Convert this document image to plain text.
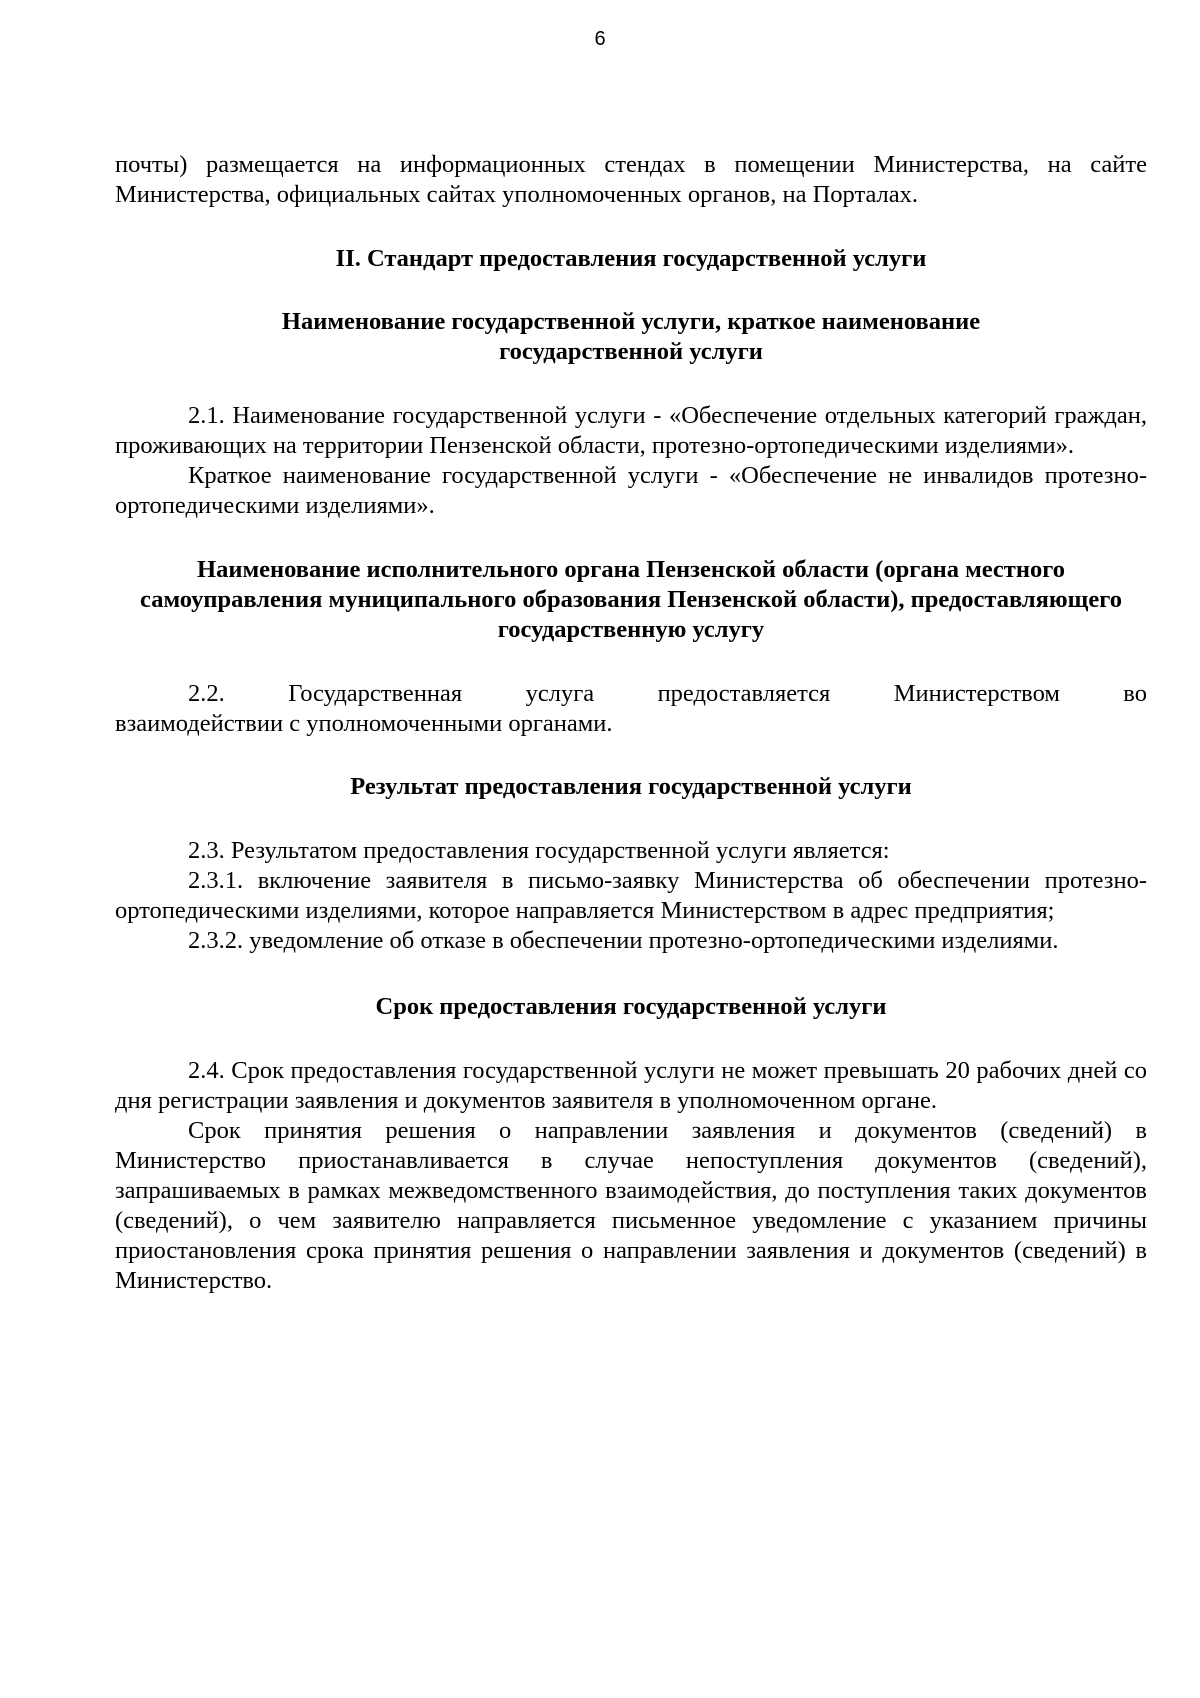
6

почты) размещается на информационных стендах в помещении Министерства, на сайте Министерства, официальных сайтах уполномоченных органов, на Порталах.

II. Стандарт предоставления государственной услуги

Наименование государственной услуги, краткое наименование государственной услуги

2.1. Наименование государственной услуги - «Обеспечение отдельных категорий граждан, проживающих на территории Пензенской области, протезно-ортопедическими изделиями».

Краткое наименование государственной услуги - «Обеспечение не инвалидов протезно-ортопедическими изделиями».

Наименование исполнительного органа Пензенской области (органа местного самоуправления муниципального образования Пензенской области), предоставляющего государственную услугу

2.2.	Государственная	услуга	предоставляется	Министерством	во
взаимодействии с уполномоченными органами.

Результат предоставления государственной услуги

2.3. Результатом предоставления государственной услуги является:

2.3.1. включение заявителя в письмо-заявку Министерства об обеспечении протезно-ортопедическими изделиями, которое направляется Министерством в адрес предприятия;

2.3.2. уведомление об отказе в обеспечении протезно-ортопедическими изделиями.

Срок предоставления государственной услуги

2.4. Срок предоставления государственной услуги не может превышать 20 рабочих дней со дня регистрации заявления и документов заявителя в уполномоченном органе.

Срок принятия решения о направлении заявления и документов (сведений) в Министерство приостанавливается в случае непоступления документов (сведений), запрашиваемых в рамках межведомственного взаимодействия, до поступления таких документов (сведений), о чем заявителю направляется письменное уведомление с указанием причины приостановления срока принятия решения о направлении заявления и документов (сведений) в Министерство.
